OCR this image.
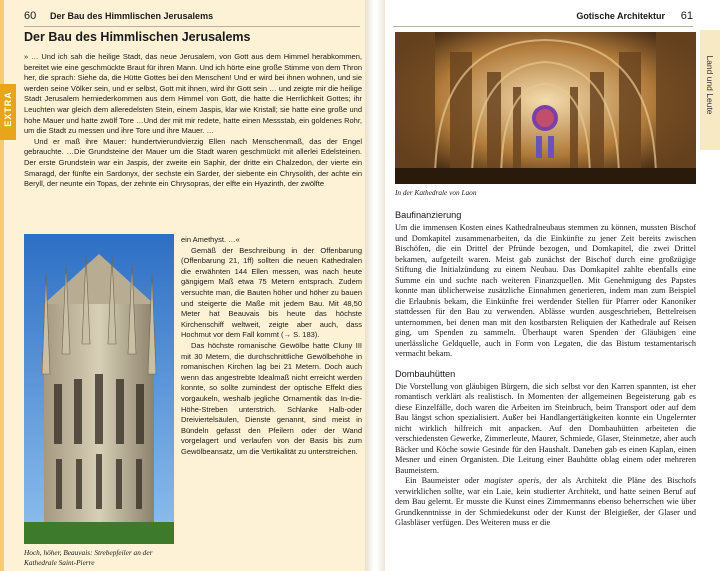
EXTRA
60 Der Bau des Himmlischen Jerusalems
Der Bau des Himmlischen Jerusalems

» … Und ich sah die heilige Stadt, das neue Jerusalem, von Gott aus dem Himmel herabkommen, bereitet wie eine geschmückte Braut für ihren Mann. Und ich hörte eine große Stimme von dem Thron her, die sprach: Siehe da, die Hütte Gottes bei den Menschen! Und er wird bei ihnen wohnen, und sie werden seine Völker sein, und er selbst, Gott mit ihnen, wird ihr Gott sein … und zeigte mir die heilige Stadt Jerusalem herniederkommen aus dem Himmel von Gott, die hatte die Herrlichkeit Gottes; ihr Leuchten war gleich dem alleredelsten Stein, einem Jaspis, klar wie Kristall; sie hatte eine große und hohe Mauer und hatte zwölf Tore …Und der mit mir redete, hatte einen Messstab, ein goldenes Rohr, um die Stadt zu messen und ihre Tore und ihre Mauer. …

Und er maß ihre Mauer: hundertvierundvierzig Ellen nach Menschenmaß, das der Engel gebrauchte. …Die Grundsteine der Mauer um die Stadt waren geschmückt mit allerlei Edelsteinen. Der erste Grundstein war ein Jaspis, der zweite ein Saphir, der dritte ein Chalzedon, der vierte ein Smaragd, der fünfte ein Sardonyx, der sechste ein Sarder, der siebente ein Chrysolith, der achte ein Beryll, der neunte ein Topas, der zehnte ein Chrysopras, der elfte ein Hyazinth, der zwölfte

Hoch, höher, Beauvais: Strebepfeiler an der Kathedrale Saint-Pierre

ein Amethyst. …«

Gemäß der Beschreibung in der Offenbarung (Offenbarung 21, 1ff) sollten die neuen Kathedralen die erwähnten 144 Ellen messen, was nach heute gängigem Maß etwa 75 Metern entsprach. Zudem versuchte man, die Bauten höher und höher zu bauen und steigerte die Maße mit jedem Bau. Mit 48,50 Meter hat Beauvais bis heute das höchste Kirchenschiff weltweit, zeigte aber auch, dass Hochmut vor dem Fall kommt (→ S. 183).

Das höchste romanische Gewölbe hatte Cluny III mit 30 Metern, die durchschnittliche Gewölbehöhe in romanischen Kirchen lag bei 21 Metern. Doch auch wenn das angestrebte Idealmaß nicht erreicht werden konnte, so sollte zumindest der optische Effekt dies vorgaukeln, weshalb jegliche Ornamentik das In-die-Höhe-Streben unterstrich. Schlanke Halb-oder Dreiviertelsäulen, Dienste genannt, sind meist in Bündeln gefasst den Pfeilern oder der Wand vorgelagert und verlaufen von der Basis bis zum Gewölbeansatz, um die Vertikalität zu unterstreichen.

Gotische Architektur 61
Land und Leute
In der Kathedrale von Laon
Baufinanzierung

Um die immensen Kosten eines Kathedralneubaus stemmen zu können, mussten Bischof und Domkapitel zusammenarbeiten, da die Einkünfte zu jener Zeit bereits zwischen Bischöfen, die ein Drittel der Pfründe bezogen, und Domkapitel, die zwei Drittel bekamen, aufgeteilt waren. Meist gab zunächst der Bischof durch eine großzügige Stiftung die Initialzündung zu einem Neubau. Das Domkapitel zahlte ebenfalls eine Summe ein und suchte nach weiteren Finanzquellen. Mit Genehmigung des Papstes konnte man üblicherweise zusätzliche Einnahmen generieren, indem man zum Beispiel die Erlaubnis bekam, die Einkünfte frei werdender Stellen für Pfarrer oder Kanoniker stattdessen für den Bau zu verwenden. Ablässe wurden ausgeschrieben, Bettelreisen unternommen, bei denen man mit den kostbarsten Reliquien der Kathedrale auf Reisen ging, um Spenden zu sammeln. Überhaupt waren Spenden der Gläubigen eine unerlässliche Geldquelle, auch in Form von Legaten, die das Bistum testamentarisch vermacht bekam.

Dombauhütten

Die Vorstellung von gläubigen Bürgern, die sich selbst vor den Karren spannten, ist eher romantisch verklärt als realistisch. In Momenten der allgemeinen Begeisterung gab es diese Einzelfälle, doch waren die Arbeiten im Steinbruch, beim Transport oder auf dem Bau längst schon spezialisiert. Außer bei Handlangertätigkeiten konnte ein Ungelernter nicht wirklich hilfreich mit anpacken. Auf den Dombauhütten arbeiteten die verschiedensten Gewerke, Zimmerleute, Maurer, Schmiede, Glaser, Steinmetze, aber auch Bäcker und Köche sowie Gesinde für den Haushalt. Daneben gab es einen Kaplan, einen Mesner und einen Organisten. Die Leitung einer Bauhütte oblag einem oder mehreren Baumeistern.

Ein Baumeister oder magister operis, der als Architekt die Pläne des Bischofs verwirklichen sollte, war ein Laie, kein studierter Architekt, und hatte seinen Beruf auf dem Bau gelernt. Er musste die Kunst eines Zimmermanns ebenso beherrschen wie über Grundkenntnisse in der Schmiedekunst oder der Kunst der Bleigießer, der Glaser und Glasbläser verfügen. Des Weiteren muss er die
